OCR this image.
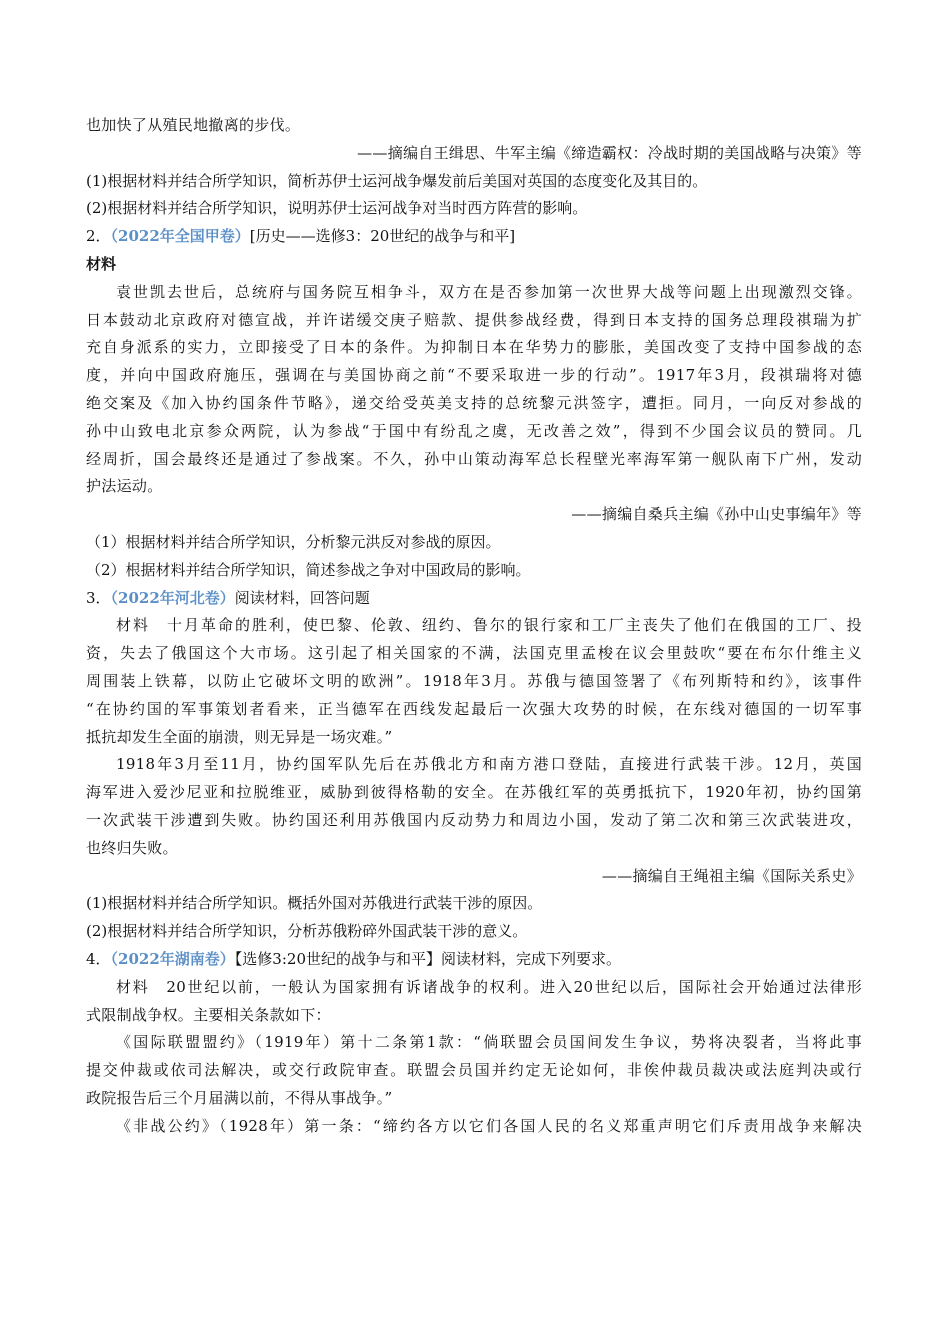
也加快了从殖民地撤离的步伐。
——摘编自王缉思、牛军主编《缔造霸权：冷战时期的美国战略与决策》等
(1)根据材料并结合所学知识，简析苏伊士运河战争爆发前后美国对英国的态度变化及其目的。
(2)根据材料并结合所学知识，说明苏伊士运河战争对当时西方阵营的影响。
2．（2022年全国甲卷）[历史——选修3：20世纪的战争与和平]
材料
袁世凯去世后，总统府与国务院互相争斗，双方在是否参加第一次世界大战等问题上出现激烈交锋。
日本鼓动北京政府对德宣战，并许诺缓交庚子赔款、提供参战经费，得到日本支持的国务总理段祺瑞为扩
充自身派系的实力，立即接受了日本的条件。为抑制日本在华势力的膨胀，美国改变了支持中国参战的态
度，并向中国政府施压，强调在与美国协商之前“不要采取进一步的行动”。1917年3月，段祺瑞将对德
绝交案及《加入协约国条件节略》，递交给受英美支持的总统黎元洪签字，遭拒。同月，一向反对参战的
孙中山致电北京参众两院，认为参战“于国中有纷乱之虞，无改善之效”，得到不少国会议员的赞同。几
经周折，国会最终还是通过了参战案。不久，孙中山策动海军总长程壁光率海军第一舰队南下广州，发动
护法运动。
——摘编自桑兵主编《孙中山史事编年》等
（1）根据材料并结合所学知识，分析黎元洪反对参战的原因。
（2）根据材料并结合所学知识，简述参战之争对中国政局的影响。
3．（2022年河北卷）阅读材料，回答问题
材料　十月革命的胜利，使巴黎、伦敦、纽约、鲁尔的银行家和工厂主丧失了他们在俄国的工厂、投
资，失去了俄国这个大市场。这引起了相关国家的不满，法国克里孟梭在议会里鼓吹“要在布尔什维主义
周围装上铁幕，以防止它破坏文明的欧洲”。1918年3月。苏俄与德国签署了《布列斯特和约》，该事件
“在协约国的军事策划者看来，正当德军在西线发起最后一次强大攻势的时候，在东线对德国的一切军事
抵抗却发生全面的崩溃，则无异是一场灾难。”
1918年3月至11月，协约国军队先后在苏俄北方和南方港口登陆，直接进行武装干涉。12月，英国
海军进入爱沙尼亚和拉脱维亚，威胁到彼得格勒的安全。在苏俄红军的英勇抵抗下，1920年初，协约国第
一次武装干涉遭到失败。协约国还利用苏俄国内反动势力和周边小国，发动了第二次和第三次武装进攻，
也终归失败。
——摘编自王绳祖主编《国际关系史》
(1)根据材料并结合所学知识。概括外国对苏俄进行武装干涉的原因。
(2)根据材料并结合所学知识，分析苏俄粉碎外国武装干涉的意义。
4．（2022年湖南卷）【选修3:20世纪的战争与和平】阅读材料，完成下列要求。
材料　20世纪以前，一般认为国家拥有诉诸战争的权利。进入20世纪以后，国际社会开始通过法律形
式限制战争权。主要相关条款如下：
《国际联盟盟约》（1919年）第十二条第1款：“倘联盟会员国间发生争议，势将决裂者，当将此事
提交仲裁或依司法解决，或交行政院审查。联盟会员国并约定无论如何，非俟仲裁员裁决或法庭判决或行
政院报告后三个月届满以前，不得从事战争。”
《非战公约》（1928年）第一条：“缔约各方以它们各国人民的名义郑重声明它们斥责用战争来解决
